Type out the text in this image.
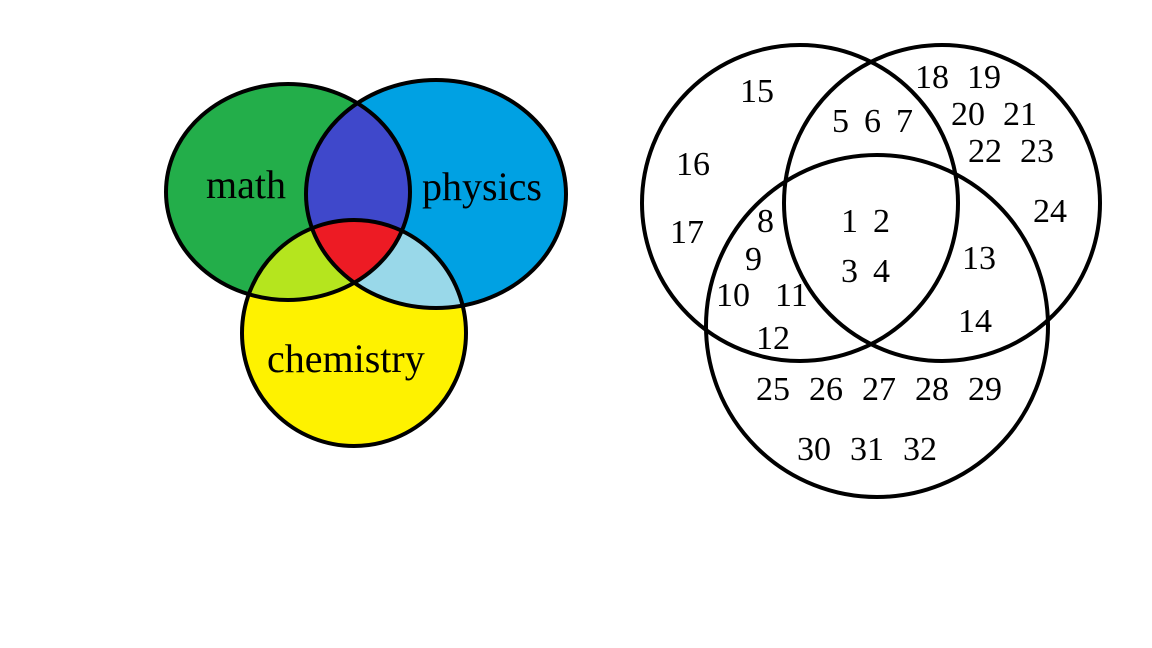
math	physics
chemistry
15
16
17
5 6 7
18 19
20 21
22 23
24
1 2
3 4
8
9
10 11
12
13
14
25 26 27 28 29
30 31 32
